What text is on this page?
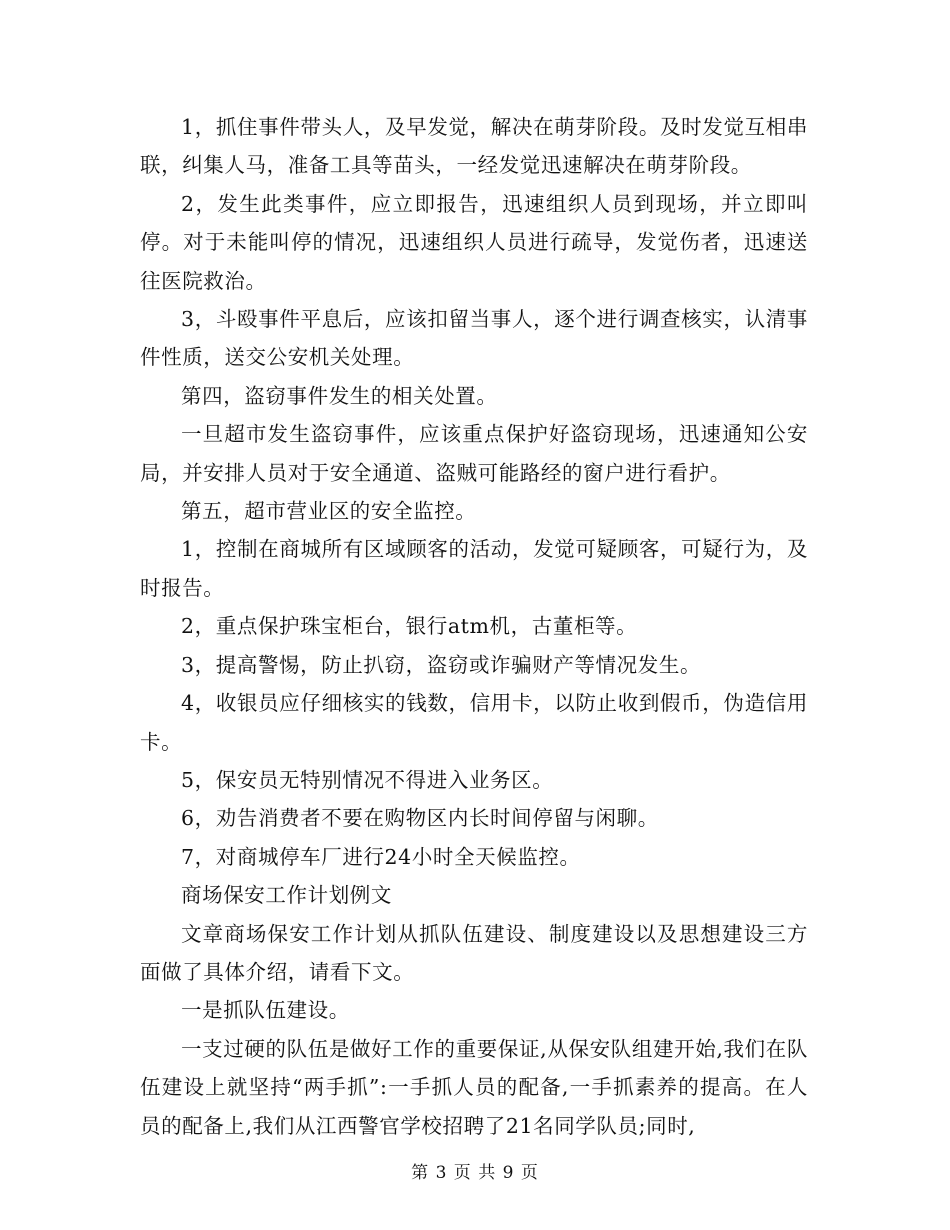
1，抓住事件带头人，及早发觉，解决在萌芽阶段。及时发觉互相串联，纠集人马，准备工具等苗头，一经发觉迅速解决在萌芽阶段。

2，发生此类事件，应立即报告，迅速组织人员到现场，并立即叫停。对于未能叫停的情况，迅速组织人员进行疏导，发觉伤者，迅速送往医院救治。

3，斗殴事件平息后，应该扣留当事人，逐个进行调查核实，认清事件性质，送交公安机关处理。

第四，盗窃事件发生的相关处置。

一旦超市发生盗窃事件，应该重点保护好盗窃现场，迅速通知公安局，并安排人员对于安全通道、盗贼可能路经的窗户进行看护。

第五，超市营业区的安全监控。

1，控制在商城所有区域顾客的活动，发觉可疑顾客，可疑行为，及时报告。

2，重点保护珠宝柜台，银行atm机，古董柜等。

3，提高警惕，防止扒窃，盗窃或诈骗财产等情况发生。

4，收银员应仔细核实的钱数，信用卡，以防止收到假币，伪造信用卡。

5，保安员无特别情况不得进入业务区。

6，劝告消费者不要在购物区内长时间停留与闲聊。

7，对商城停车厂进行24小时全天候监控。

商场保安工作计划例文

文章商场保安工作计划从抓队伍建设、制度建设以及思想建设三方面做了具体介绍，请看下文。

一是抓队伍建设。

一支过硬的队伍是做好工作的重要保证,从保安队组建开始,我们在队伍建设上就坚持“两手抓”:一手抓人员的配备,一手抓素养的提高。在人员的配备上,我们从江西警官学校招聘了21名同学队员;同时,

第 3 页 共 9 页
